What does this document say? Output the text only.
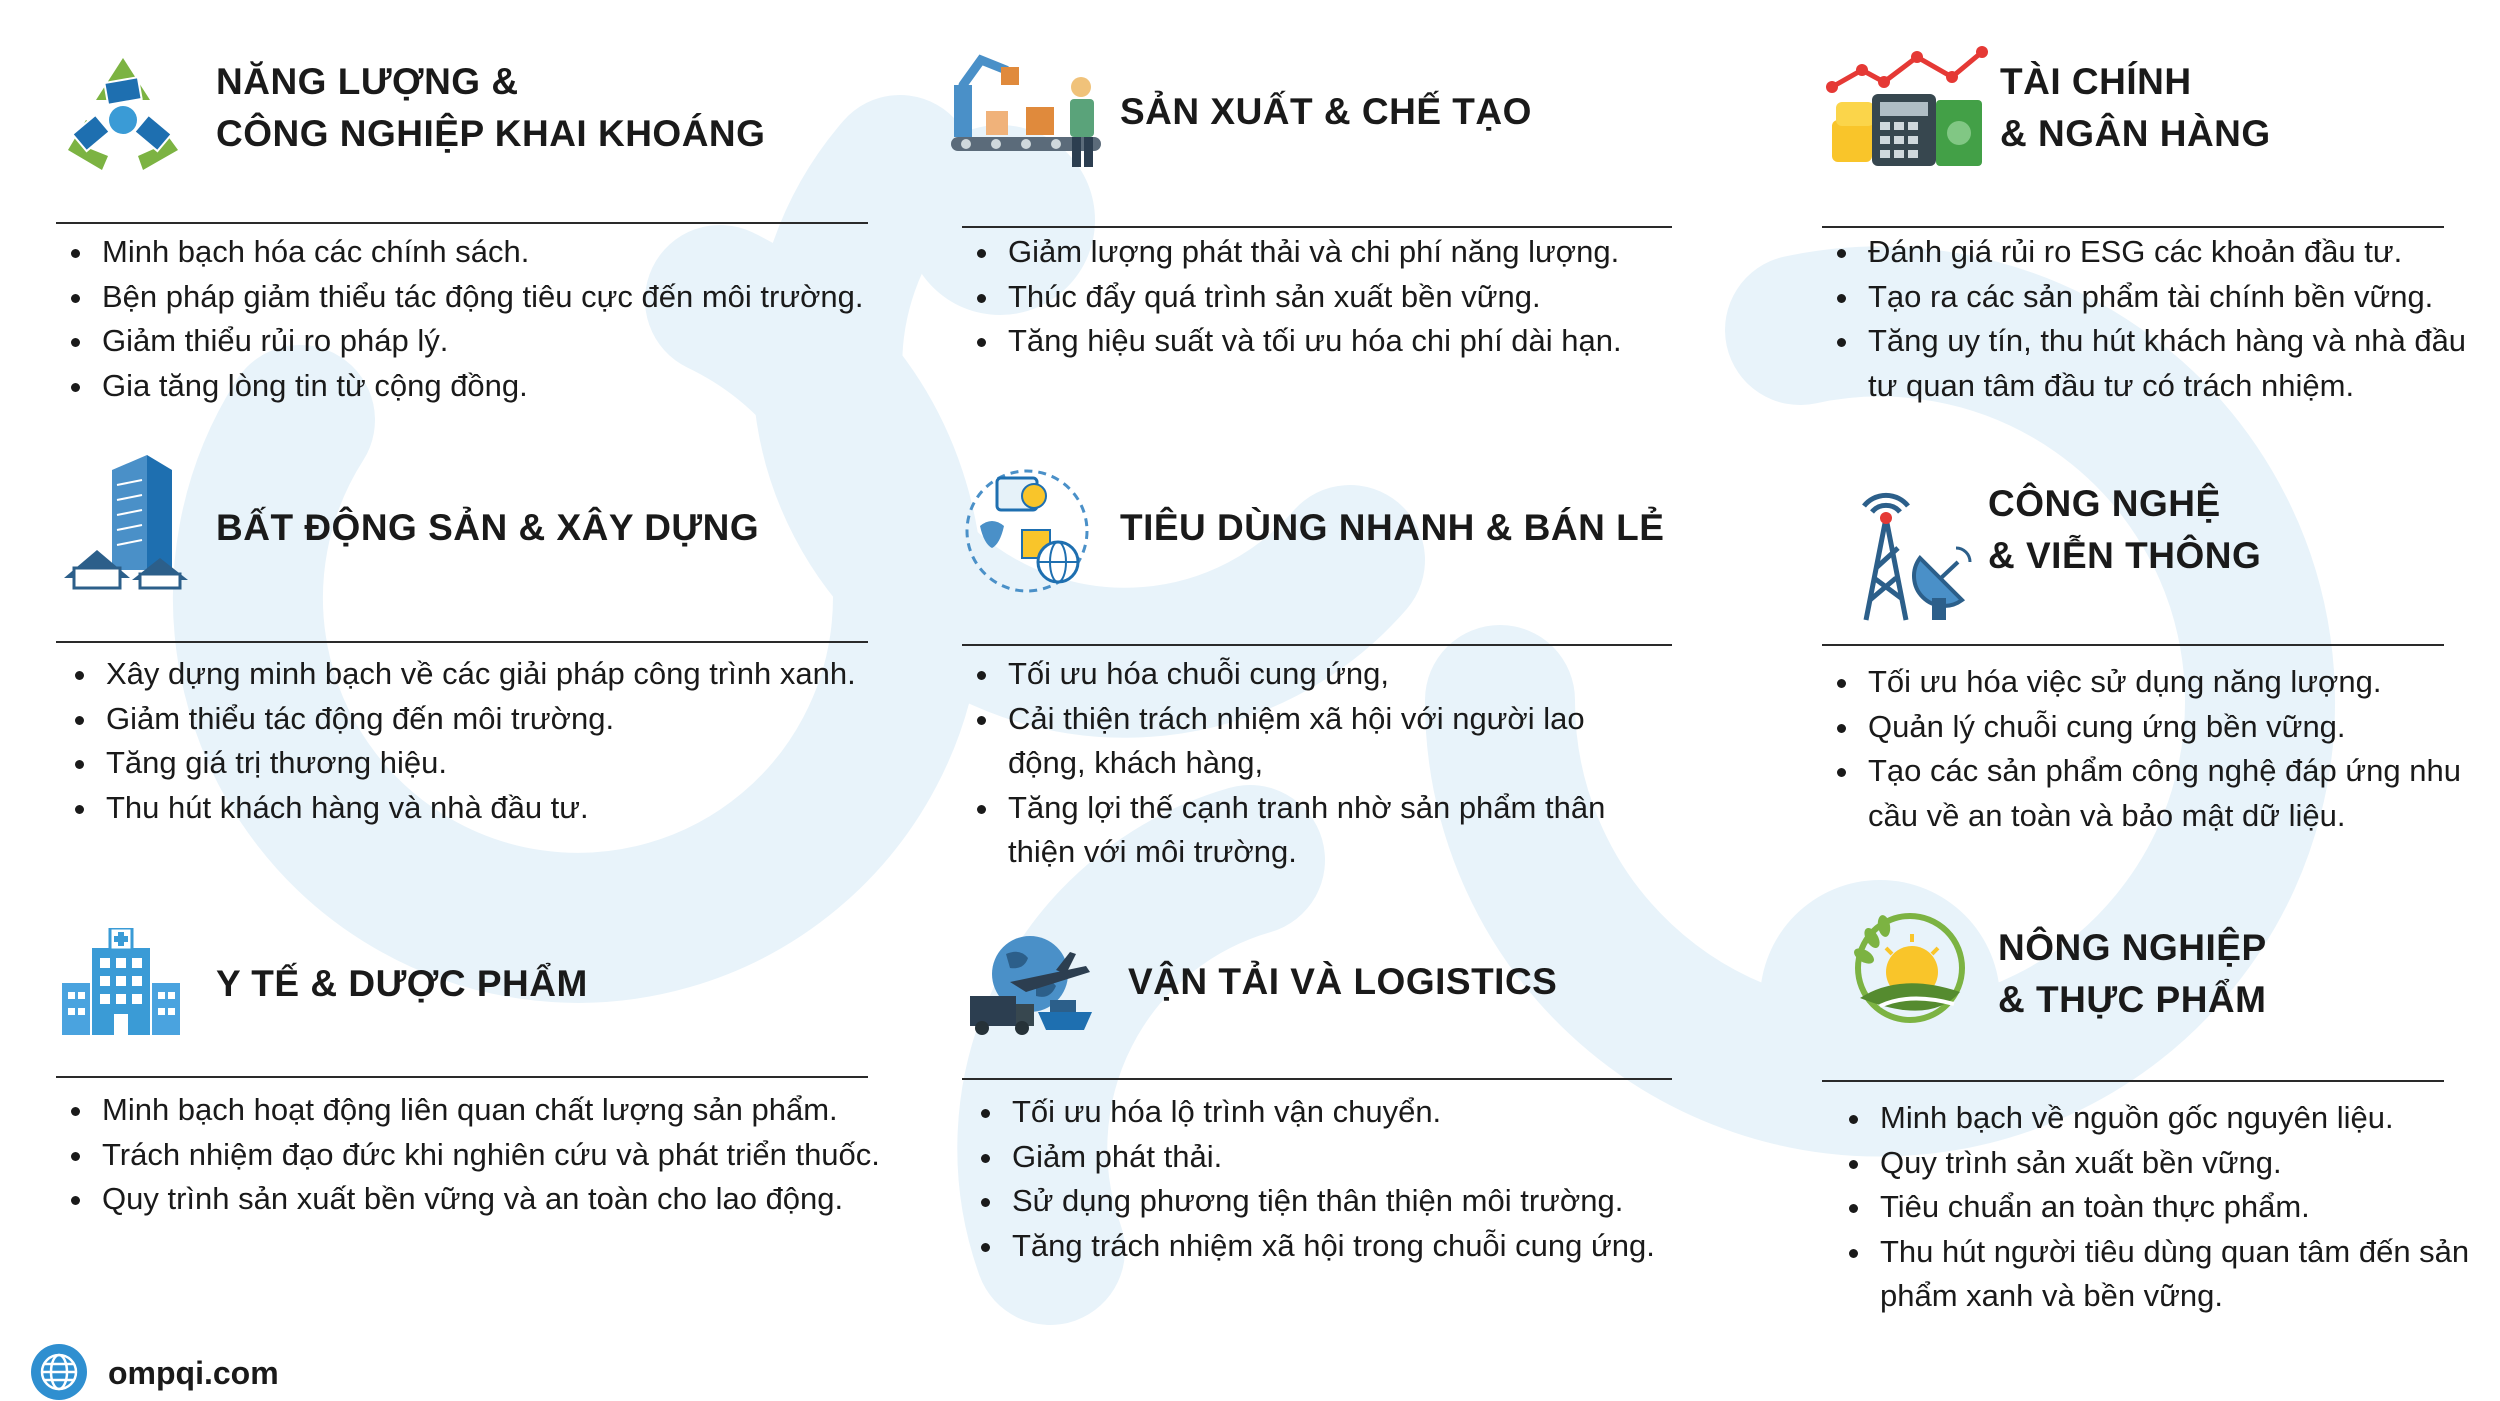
NĂNG LƯỢNG &
CÔNG NGHIỆP KHAI KHOÁNG
• Minh bạch hóa các chính sách.
• Bện pháp giảm thiểu tác động tiêu cực đến môi trường.
• Giảm thiểu rủi ro pháp lý.
• Gia tăng lòng tin từ cộng đồng.
SẢN XUẤT & CHẾ TẠO
• Giảm lượng phát thải và chi phí năng lượng.
• Thúc đẩy quá trình sản xuất bền vững.
• Tăng hiệu suất và tối ưu hóa chi phí dài hạn.
TÀI CHÍNH
& NGÂN HÀNG
• Đánh giá rủi ro ESG các khoản đầu tư.
• Tạo ra các sản phẩm tài chính bền vững.
• Tăng uy tín, thu hút khách hàng và nhà đầu tư quan tâm đầu tư có trách nhiệm.
BẤT ĐỘNG SẢN & XÂY DỰNG
• Xây dựng minh bạch về các giải pháp công trình xanh.
• Giảm thiểu tác động đến môi trường.
• Tăng giá trị thương hiệu.
• Thu hút khách hàng và nhà đầu tư.
TIÊU DÙNG NHANH & BÁN LẺ
• Tối ưu hóa chuỗi cung ứng,
• Cải thiện trách nhiệm xã hội với người lao động, khách hàng,
• Tăng lợi thế cạnh tranh nhờ sản phẩm thân thiện với môi trường.
CÔNG NGHỆ
& VIỄN THÔNG
• Tối ưu hóa việc sử dụng năng lượng.
• Quản lý chuỗi cung ứng bền vững.
• Tạo các sản phẩm công nghệ đáp ứng nhu cầu về an toàn và bảo mật dữ liệu.
Y TẾ & DƯỢC PHẨM
• Minh bạch hoạt động liên quan chất lượng sản phẩm.
• Trách nhiệm đạo đức khi nghiên cứu và phát triển thuốc.
• Quy trình sản xuất bền vững và an toàn cho lao động.
VẬN TẢI VÀ LOGISTICS
• Tối ưu hóa lộ trình vận chuyển.
• Giảm phát thải.
• Sử dụng phương tiện thân thiện môi trường.
• Tăng trách nhiệm xã hội trong chuỗi cung ứng.
NÔNG NGHIỆP
& THỰC PHẨM
• Minh bạch về nguồn gốc nguyên liệu.
• Quy trình sản xuất bền vững.
• Tiêu chuẩn an toàn thực phẩm.
• Thu hút người tiêu dùng quan tâm đến sản phẩm xanh và bền vững.
ompqi.com
